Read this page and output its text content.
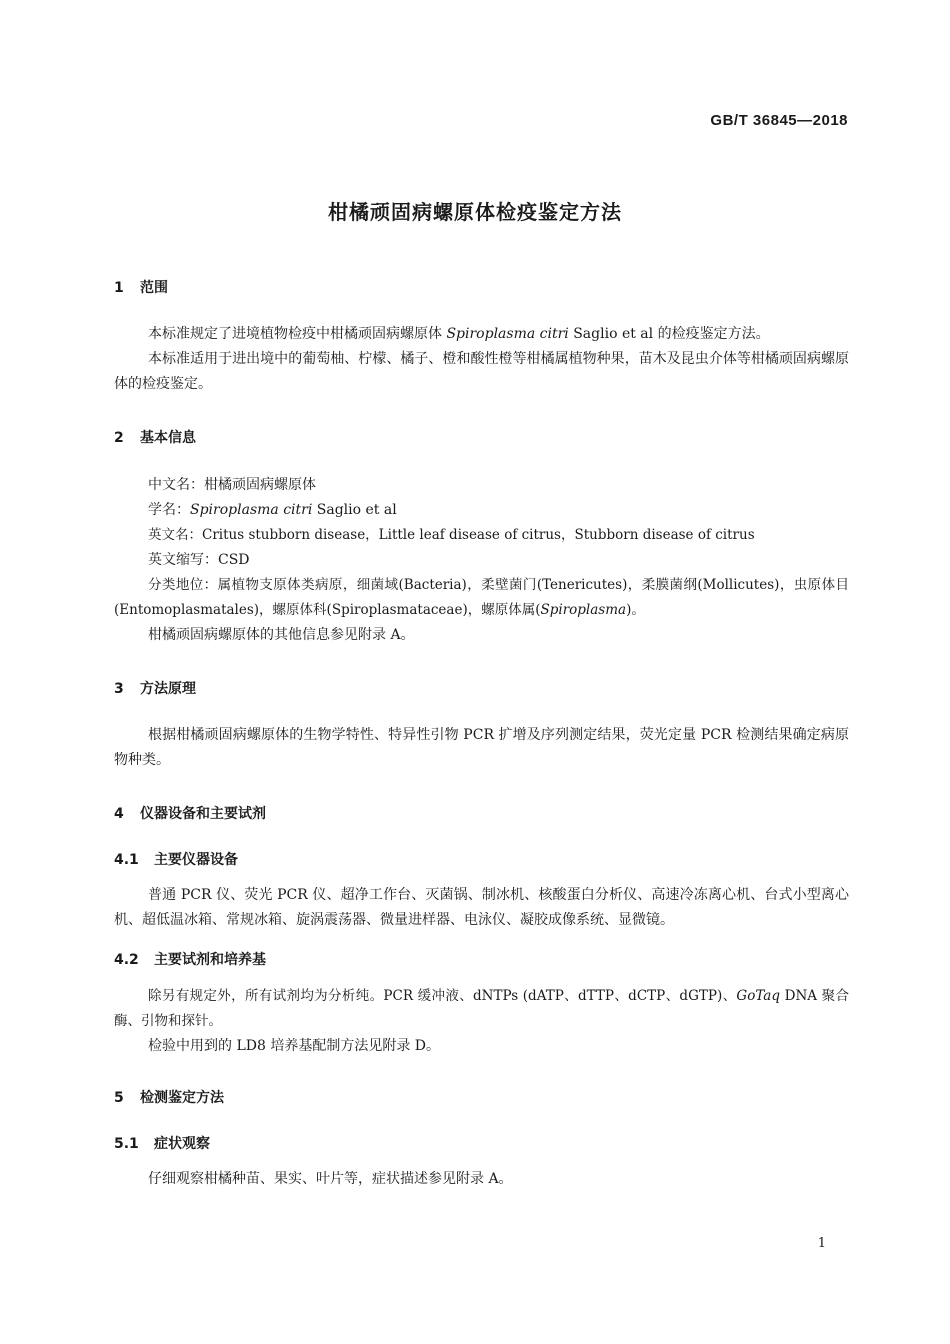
GB/T 36845—2018
柑橘顽固病螺原体检疫鉴定方法
1 范围
本标准规定了进境植物检疫中柑橘顽固病螺原体 Spiroplasma citri Saglio et al 的检疫鉴定方法。
本标准适用于进出境中的葡萄柚、柠檬、橘子、橙和酸性橙等柑橘属植物种果，苗木及昆虫介体等柑橘顽固病螺原体的检疫鉴定。
2 基本信息
中文名：柑橘顽固病螺原体
学名：Spiroplasma citri Saglio et al
英文名：Critus stubborn disease，Little leaf disease of citrus，Stubborn disease of citrus
英文缩写：CSD
分类地位：属植物支原体类病原，细菌域(Bacteria)，柔壁菌门(Tenericutes)，柔膜菌纲(Mollicutes)，虫原体目(Entomoplasmatales)，螺原体科(Spiroplasmataceae)，螺原体属(Spiroplasma)。
柑橘顽固病螺原体的其他信息参见附录 A。
3 方法原理
根据柑橘顽固病螺原体的生物学特性、特异性引物 PCR 扩增及序列测定结果，荧光定量 PCR 检测结果确定病原物种类。
4 仪器设备和主要试剂
4.1 主要仪器设备
普通 PCR 仪、荧光 PCR 仪、超净工作台、灭菌锅、制冰机、核酸蛋白分析仪、高速冷冻离心机、台式小型离心机、超低温冰箱、常规冰箱、旋涡震荡器、微量进样器、电泳仪、凝胶成像系统、显微镜。
4.2 主要试剂和培养基
除另有规定外，所有试剂均为分析纯。PCR 缓冲液、dNTPs (dATP、dTTP、dCTP、dGTP)、GoTaq DNA 聚合酶、引物和探针。
检验中用到的 LD8 培养基配制方法见附录 D。
5 检测鉴定方法
5.1 症状观察
仔细观察柑橘种苗、果实、叶片等，症状描述参见附录 A。
1
